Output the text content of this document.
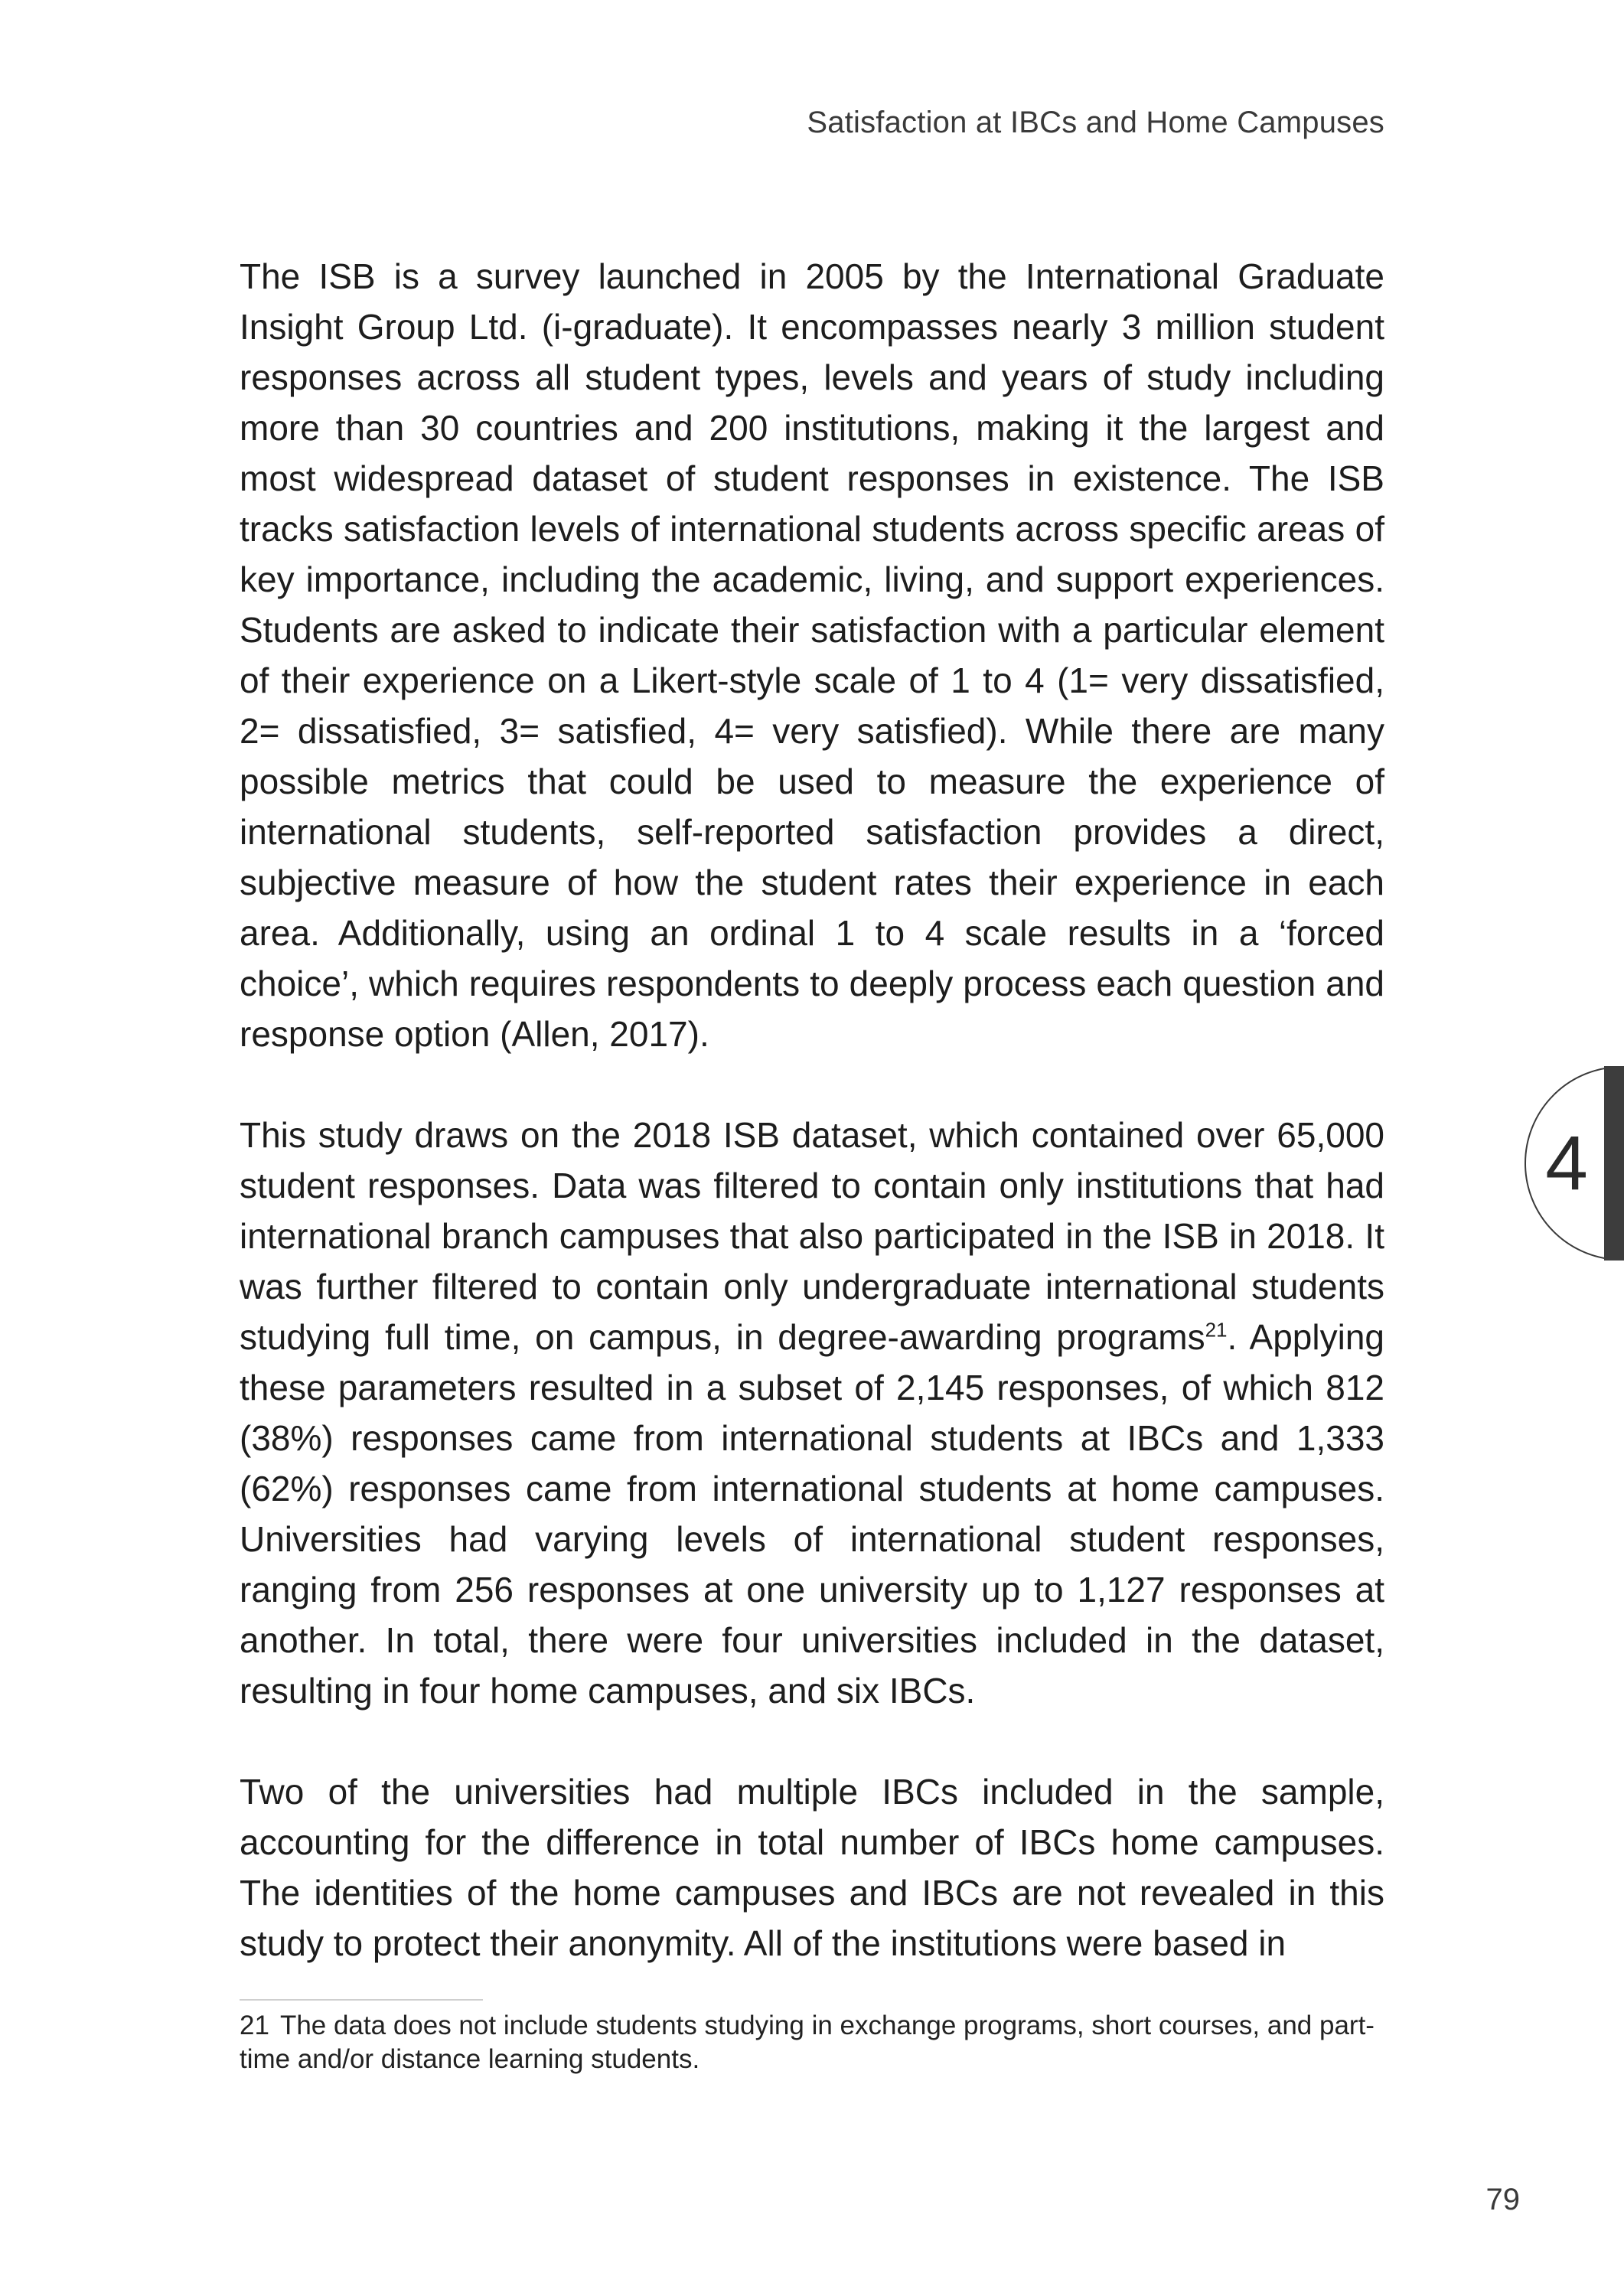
Satisfaction at IBCs and Home Campuses

The ISB is a survey launched in 2005 by the International Graduate Insight Group Ltd. (i-graduate). It encompasses nearly 3 million student responses across all student types, levels and years of study including more than 30 countries and 200 institutions, making it the largest and most widespread dataset of student responses in existence. The ISB tracks satisfaction levels of international students across specific areas of key importance, including the academic, living, and support experiences. Students are asked to indicate their satisfaction with a particular element of their experience on a Likert-style scale of 1 to 4 (1= very dissatisfied, 2= dissatisfied, 3= satisfied, 4= very satisfied). While there are many possible metrics that could be used to measure the experience of international students, self-reported satisfaction provides a direct, subjective measure of how the student rates their experience in each area. Additionally, using an ordinal 1 to 4 scale results in a ‘forced choice’, which requires respondents to deeply process each question and response option (Allen, 2017).

This study draws on the 2018 ISB dataset, which contained over 65,000 student responses. Data was filtered to contain only institutions that had international branch campuses that also participated in the ISB in 2018. It was further filtered to contain only undergraduate international students studying full time, on campus, in degree-awarding programs$^{21}$. Applying these parameters resulted in a subset of 2,145 responses, of which 812 (38%) responses came from international students at IBCs and 1,333 (62%) responses came from international students at home campuses. Universities had varying levels of international student responses, ranging from 256 responses at one university up to 1,127 responses at another. In total, there were four universities included in the dataset, resulting in four home campuses, and six IBCs.

Two of the universities had multiple IBCs included in the sample, accounting for the difference in total number of IBCs home campuses. The identities of the home campuses and IBCs are not revealed in this study to protect their anonymity. All of the institutions were based in

21 The data does not include students studying in exchange programs, short courses, and part-time and/or distance learning students.
4
79
